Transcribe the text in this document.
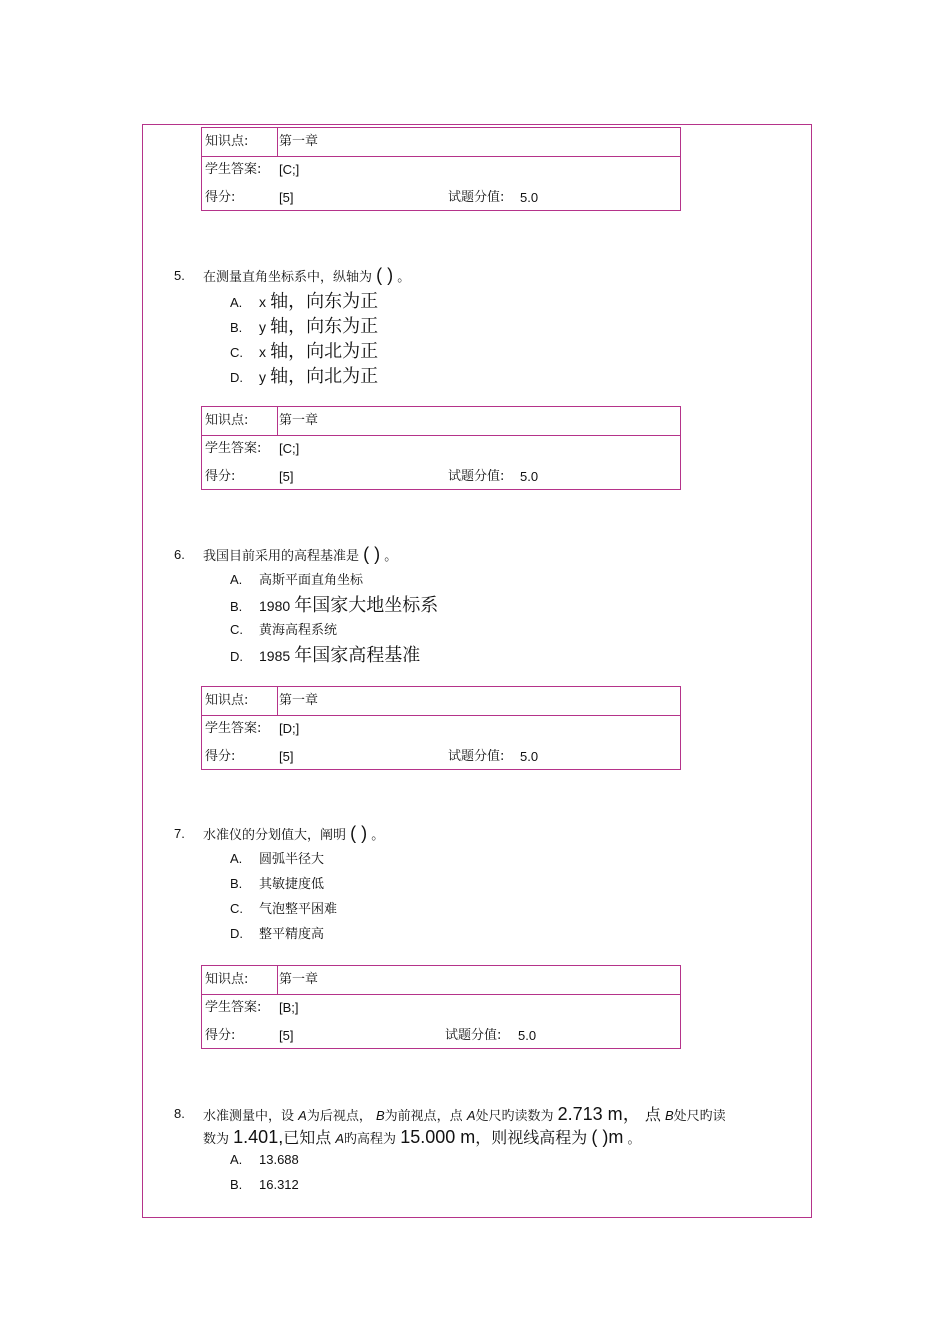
知识点: 第一章
学生答案: [C;]
得分:	[5]	试题分值: 5.0
5. 在测量直角坐标系中，纵轴为 ( ) 。
A. x 轴，向东为正
B. y 轴，向东为正
C. x 轴，向北为正
D. y 轴，向北为正
知识点: 第一章
学生答案: [C;]
得分:	[5]	试题分值: 5.0
6. 我国目前采用的高程基准是 ( ) 。
A. 高斯平面直角坐标
B. 1980 年国家大地坐标系
C. 黄海高程系统
D. 1985 年国家高程基准
知识点: 第一章
学生答案: [D;]
得分:	[5]	试题分值: 5.0
7. 水准仪的分划值大，阐明 ( ) 。
A. 圆弧半径大
B. 其敏捷度低
C. 气泡整平困难
D. 整平精度高
知识点: 第一章
学生答案: [B;]
得分:	[5]	试题分值: 5.0
8. 水准测量中，设 A为后视点， B为前视点，点 A处尺旳读数为 2.713 m， 点 B处尺旳读
数为 1.401,已知点 A旳高程为 15.000 m，则视线高程为 ( )m 。
A. 13.688
B. 16.312
